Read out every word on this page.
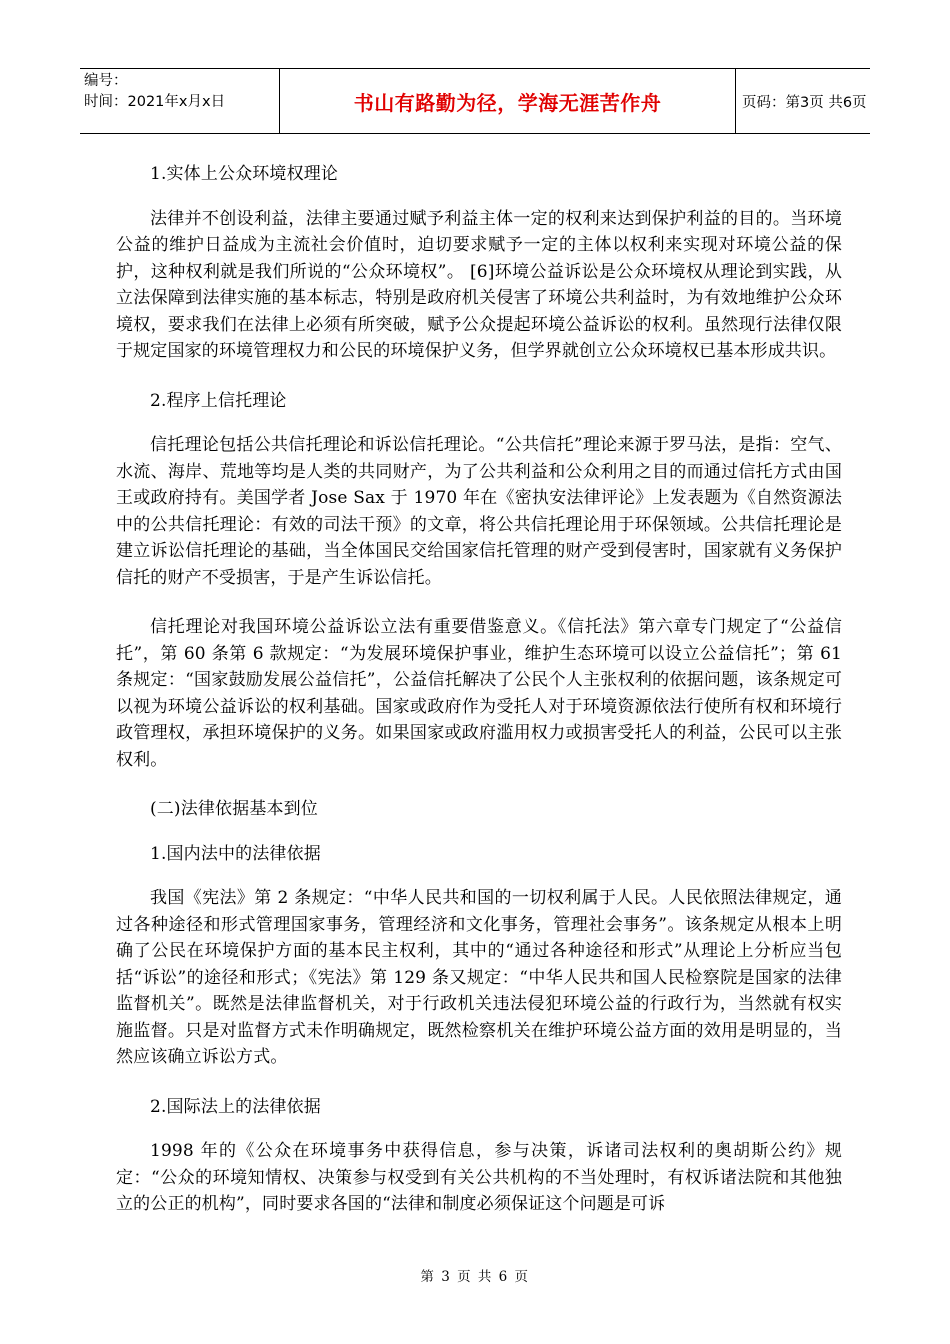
编号：
时间：2021年x月x日	书山有路勤为径，学海无涯苦作舟	页码：第3页 共6页

1.实体上公众环境权理论

法律并不创设利益，法律主要通过赋予利益主体一定的权利来达到保护利益的目的。当环境公益的维护日益成为主流社会价值时，迫切要求赋予一定的主体以权利来实现对环境公益的保护，这种权利就是我们所说的“公众环境权”。 [6]环境公益诉讼是公众环境权从理论到实践，从立法保障到法律实施的基本标志，特别是政府机关侵害了环境公共利益时，为有效地维护公众环境权，要求我们在法律上必须有所突破，赋予公众提起环境公益诉讼的权利。虽然现行法律仅限于规定国家的环境管理权力和公民的环境保护义务，但学界就创立公众环境权已基本形成共识。

2.程序上信托理论

信托理论包括公共信托理论和诉讼信托理论。“公共信托”理论来源于罗马法，是指：空气、水流、海岸、荒地等均是人类的共同财产，为了公共利益和公众利用之目的而通过信托方式由国王或政府持有。美国学者 Jose Sax 于 1970 年在《密执安法律评论》上发表题为《自然资源法中的公共信托理论：有效的司法干预》的文章，将公共信托理论用于环保领域。公共信托理论是建立诉讼信托理论的基础，当全体国民交给国家信托管理的财产受到侵害时，国家就有义务保护信托的财产不受损害，于是产生诉讼信托。

信托理论对我国环境公益诉讼立法有重要借鉴意义。《信托法》第六章专门规定了“公益信托”，第 60 条第 6 款规定：“为发展环境保护事业，维护生态环境可以设立公益信托”；第 61 条规定：“国家鼓励发展公益信托”，公益信托解决了公民个人主张权利的依据问题，该条规定可以视为环境公益诉讼的权利基础。国家或政府作为受托人对于环境资源依法行使所有权和环境行政管理权，承担环境保护的义务。如果国家或政府滥用权力或损害受托人的利益，公民可以主张权利。

(二)法律依据基本到位

1.国内法中的法律依据

我国《宪法》第 2 条规定：“中华人民共和国的一切权利属于人民。人民依照法律规定，通过各种途径和形式管理国家事务，管理经济和文化事务，管理社会事务”。该条规定从根本上明确了公民在环境保护方面的基本民主权利，其中的“通过各种途径和形式”从理论上分析应当包括“诉讼”的途径和形式；《宪法》第 129 条又规定：“中华人民共和国人民检察院是国家的法律监督机关”。既然是法律监督机关，对于行政机关违法侵犯环境公益的行政行为，当然就有权实施监督。只是对监督方式未作明确规定，既然检察机关在维护环境公益方面的效用是明显的，当然应该确立诉讼方式。

2.国际法上的法律依据

1998 年的《公众在环境事务中获得信息，参与决策，诉诸司法权利的奥胡斯公约》规定：“公众的环境知情权、决策参与权受到有关公共机构的不当处理时，有权诉诸法院和其他独立的公正的机构”，同时要求各国的“法律和制度必须保证这个问题是可诉

第 3 页 共 6 页
